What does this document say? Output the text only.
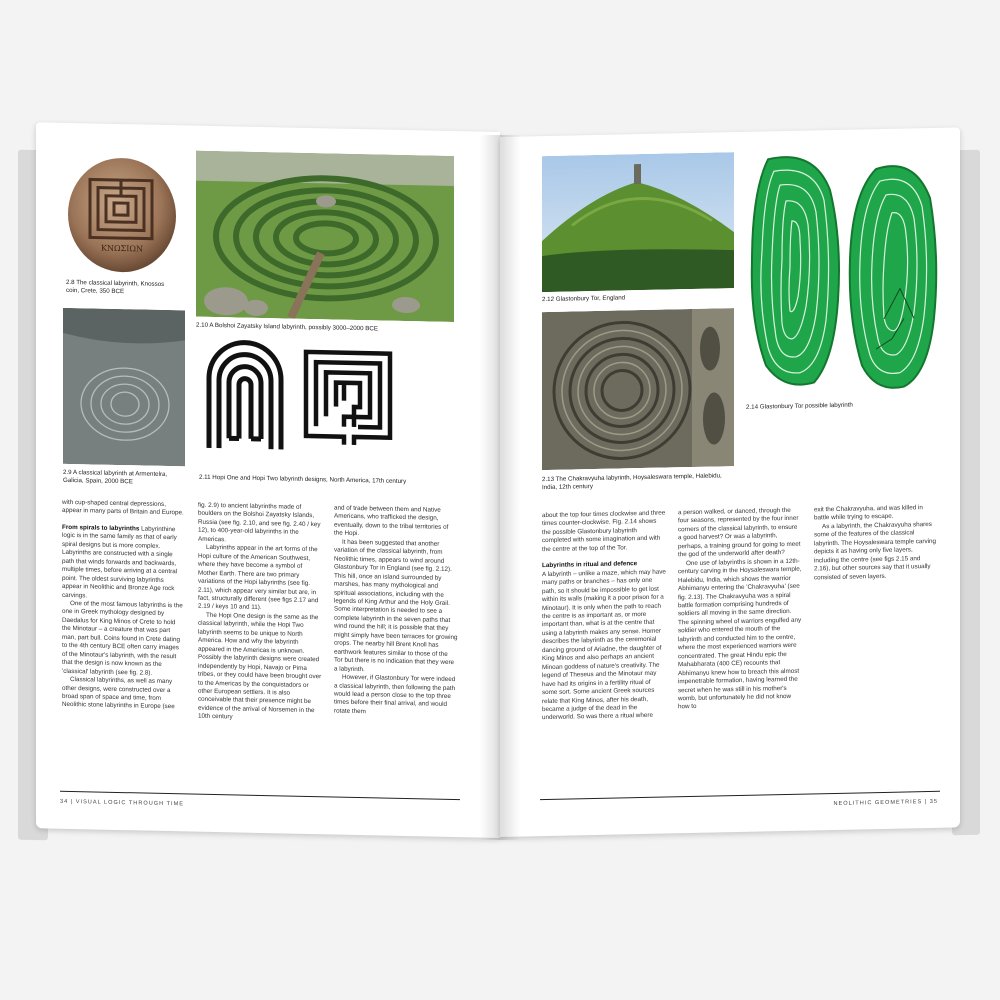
ΚΝΩΣΙΩΝ
2.8 The classical labyrinth, Knossos coin, Crete, 350 BCE
2.10 A Bolshoi Zayatsky Island labyrinth, possibly 3000–2000 BCE
2.9 A classical labyrinth at Armentelra, Galicia, Spain, 2000 BCE	2.11 Hopi One and Hopi Two labyrinth designs, North America, 17th century

with cup-shaped central depressions, appear in many parts of Britain and Europe.

From spirals to labyrinths Labyrinthine logic is in the same family as that of early spiral designs but is more complex. Labyrinths are constructed with a single path that winds forwards and backwards, multiple times, before arriving at a central point. The oldest surviving labyrinths appear in Neolithic and Bronze Age rock carvings.

One of the most famous labyrinths is the one in Greek mythology designed by Daedalus for King Minos of Crete to hold the Minotaur – a creature that was part man, part bull. Coins found in Crete dating to the 4th century BCE often carry images of the Minotaur's labyrinth, with the result that the design is now known as the 'classical' labyrinth (see fig. 2.8).

Classical labyrinths, as well as many other designs, were constructed over a broad span of space and time, from Neolithic stone labyrinths in Europe (see

fig. 2.9) to ancient labyrinths made of boulders on the Bolshoi Zayatsky Islands, Russia (see fig. 2.10, and see fig. 2.40 / key 12), to 400-year-old labyrinths in the Americas.

Labyrinths appear in the art forms of the Hopi culture of the American Southwest, where they have become a symbol of Mother Earth. There are two primary variations of the Hopi labyrinths (see fig. 2.11), which appear very similar but are, in fact, structurally different (see figs 2.17 and 2.19 / keys 10 and 11).

The Hopi One design is the same as the classical labyrinth, while the Hopi Two labyrinth seems to be unique to North America. How and why the labyrinth appeared in the Americas is unknown. Possibly the labyrinth designs were created independently by Hopi, Navajo or Pima tribes, or they could have been brought over to the Americas by the conquistadors or other European settlers. It is also conceivable that their presence might be evidence of the arrival of Norsemen in the 10th century

and of trade between them and Native Americans, who trafficked the design, eventually, down to the tribal territories of the Hopi.

It has been suggested that another variation of the classical labyrinth, from Neolithic times, appears to wind around Glastonbury Tor in England (see fig. 2.12). This hill, once an island surrounded by marshes, has many mythological and spiritual associations, including with the legends of King Arthur and the Holy Grail. Some interpretation is needed to see a complete labyrinth in the seven paths that wind round the hill; it is possible that they might simply have been terraces for growing crops. The nearby hill Brent Knoll has earthwork features similar to those of the Tor but there is no indication that they were a labyrinth.

However, if Glastonbury Tor were indeed a classical labyrinth, then following the path would lead a person close to the top three times before their final arrival, and would rotate them

34 | VISUAL LOGIC THROUGH TIME
2.12 Glastonbury Tor, England
2.13 The Chakravyuha labyrinth, Hoysaleswara temple, Halebidu, India, 12th century
2.14 Glastonbury Tor possible labyrinth

about the top four times clockwise and three times counter-clockwise. Fig. 2.14 shows the possible Glastonbury labyrinth completed with some imagination and with the centre at the top of the Tor.

Labyrinths in ritual and defence

A labyrinth – unlike a maze, which may have many paths or branches – has only one path, so it should be impossible to get lost within its walls (making it a poor prison for a Minotaur). It is only when the path to reach the centre is as important as, or more important than, what is at the centre that using a labyrinth makes any sense. Homer describes the labyrinth as the ceremonial dancing ground of Ariadne, the daughter of King Minos and also perhaps an ancient Minoan goddess of nature's creativity. The legend of Theseus and the Minotaur may have had its origins in a fertility ritual of some sort. Some ancient Greek sources relate that King Minos, after his death, became a judge of the dead in the underworld. So was there a ritual where

a person walked, or danced, through the four seasons, represented by the four inner corners of the classical labyrinth, to ensure a good harvest? Or was a labyrinth, perhaps, a training ground for going to meet the god of the underworld after death?

One use of labyrinths is shown in a 12th-century carving in the Hoysaleswara temple, Halebidu, India, which shows the warrior Abhimanyu entering the 'Chakravyuha' (see fig. 2.13). The Chakravyuha was a spiral battle formation comprising hundreds of soldiers all moving in the same direction. The spinning wheel of warriors engulfed any soldier who entered the mouth of the labyrinth and conducted him to the centre, where the most experienced warriors were concentrated. The great Hindu epic the Mahabharata (400 CE) recounts that Abhimanyu knew how to breach this almost impenetrable formation, having learned the secret when he was still in his mother's womb, but unfortunately he did not know how to

exit the Chakravyuha, and was killed in battle while trying to escape.

As a labyrinth, the Chakravyuha shares some of the features of the classical labyrinth. The Hoysaleswara temple carving depicts it as having only five layers, including the centre (see figs 2.15 and 2.16), but other sources say that it usually consisted of seven layers.

NEOLITHIC GEOMETRIES | 35
